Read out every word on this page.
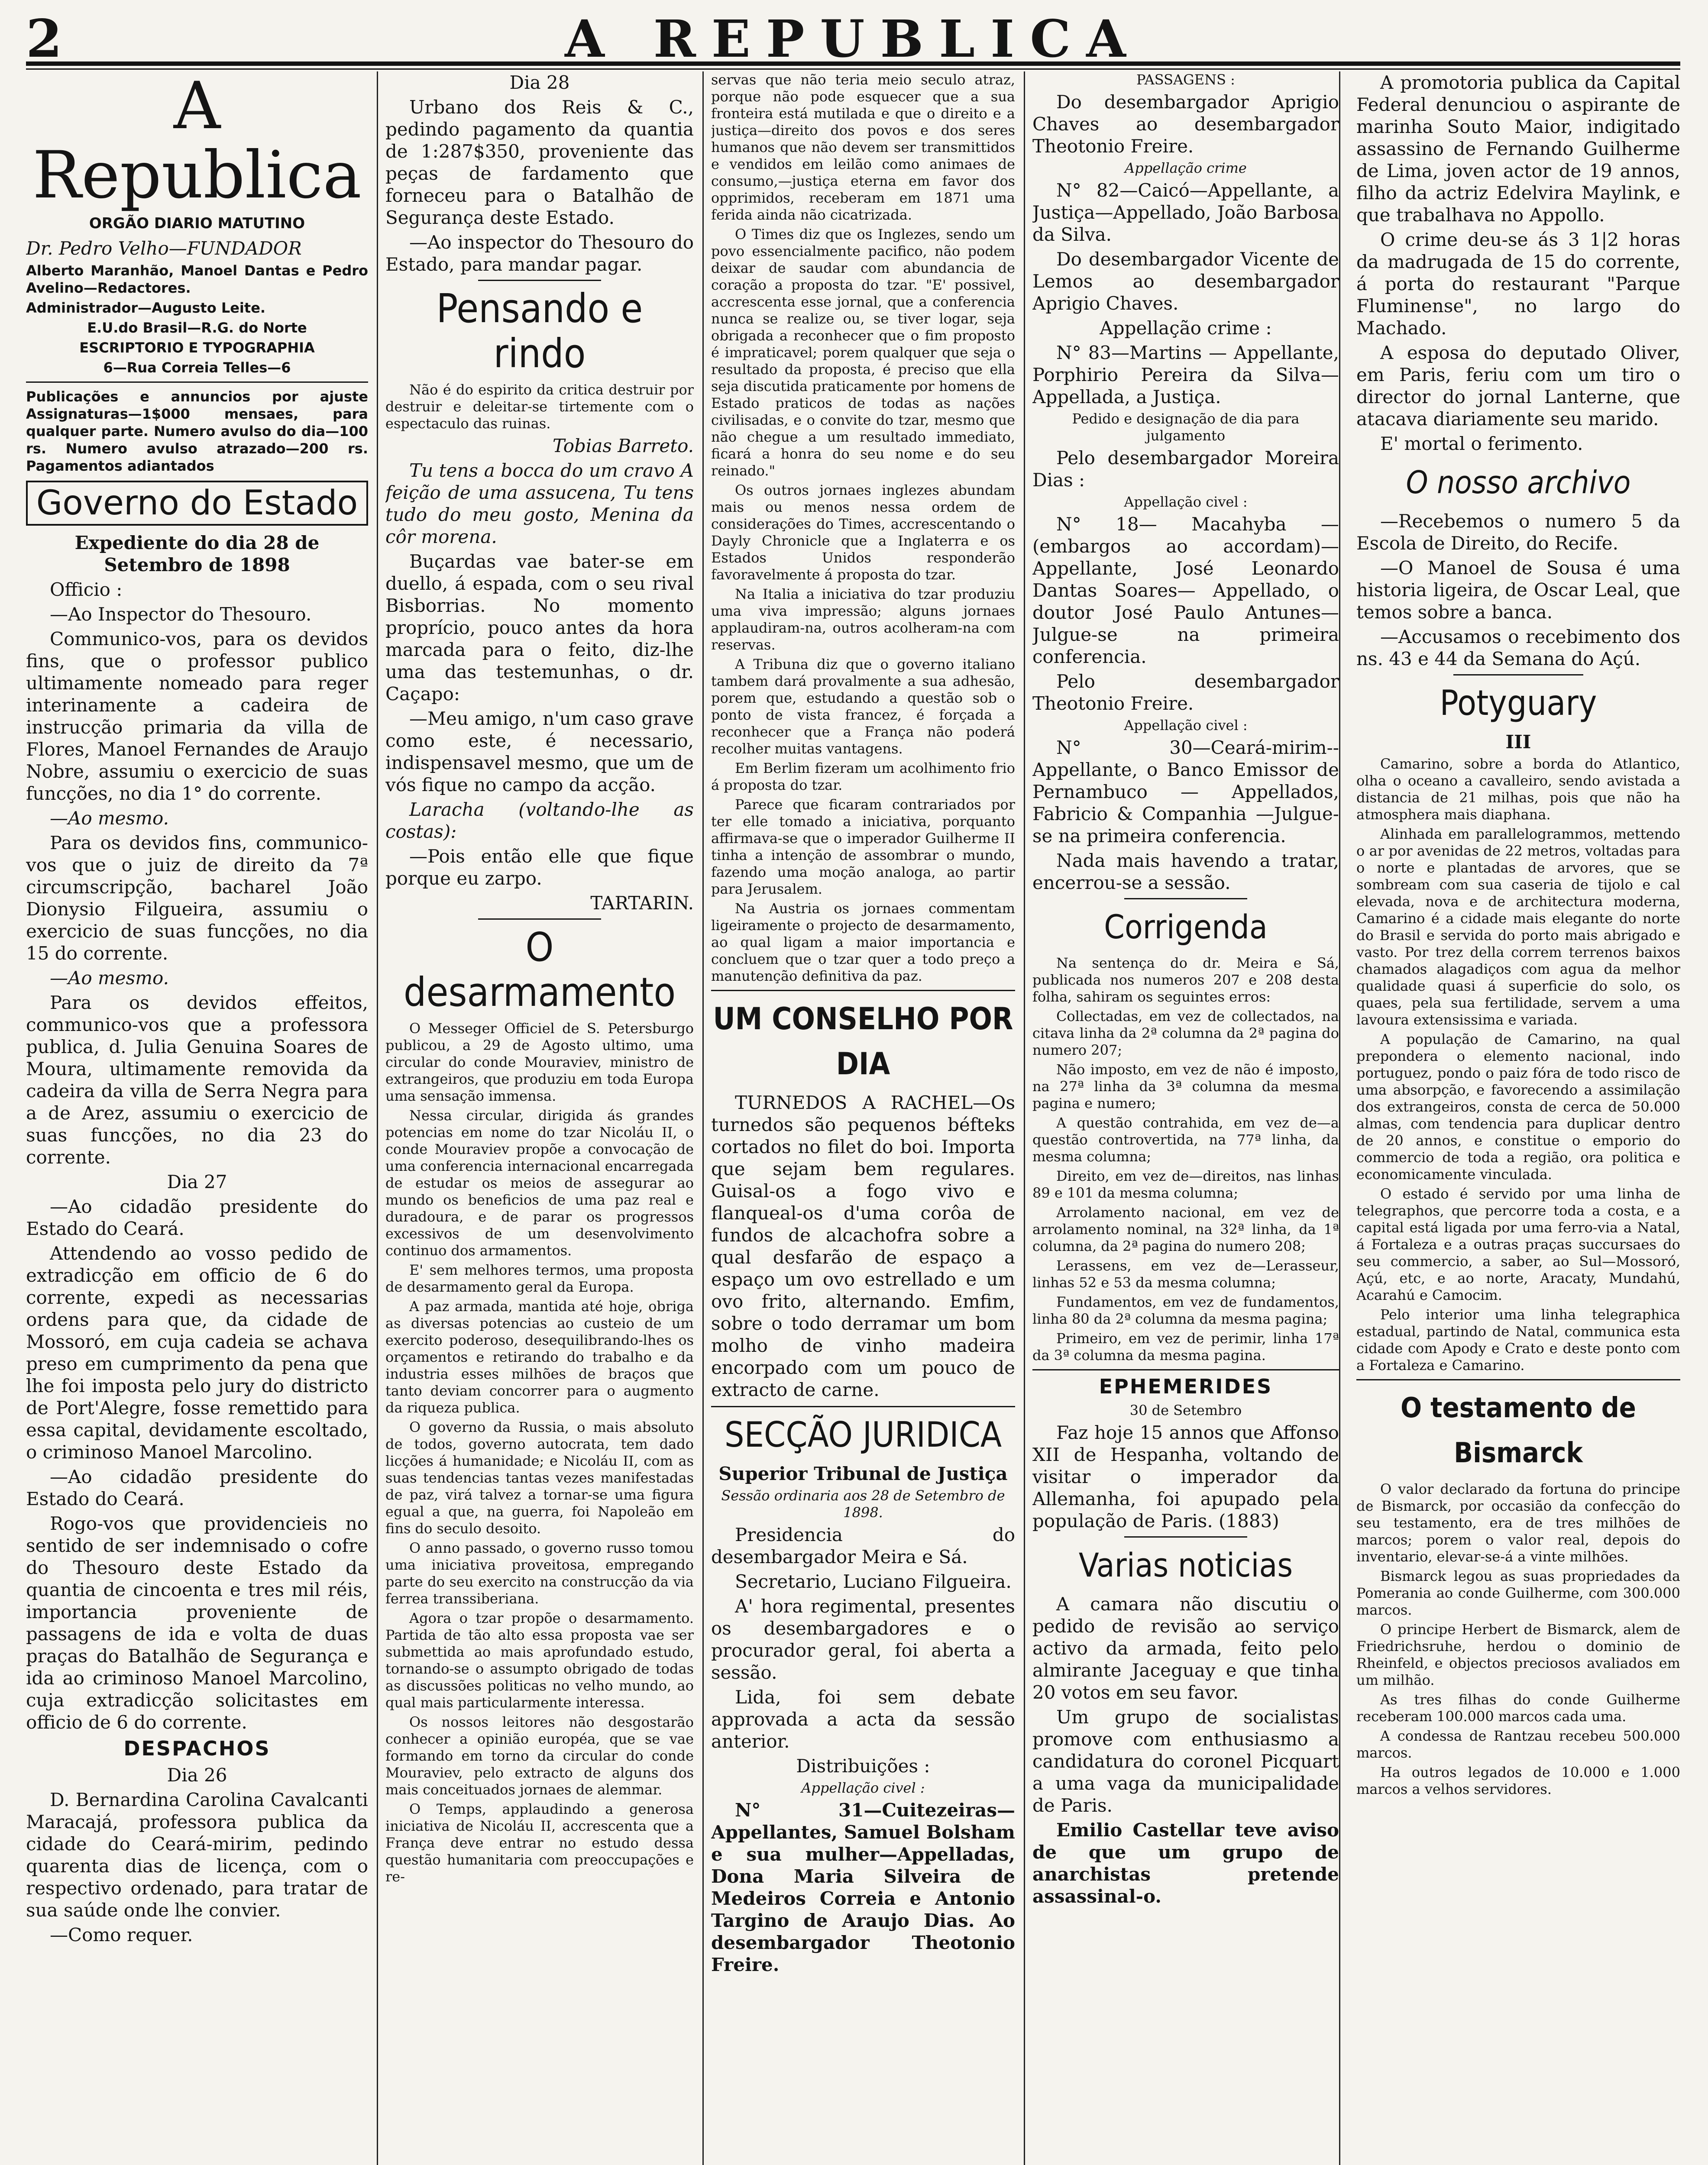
2	A REPUBLICA
A Republica
ORGÃO DIARIO MATUTINO

Dr. Pedro Velho—FUNDADOR

Alberto Maranhão, Manoel Dantas e Pedro Avelino—Redactores.

Administrador—Augusto Leite.

E.U.do Brasil—R.G. do Norte

ESCRIPTORIO E TYPOGRAPHIA

6—Rua Correia Telles—6

Publicações e annuncios por ajuste Assignaturas—1$000 mensaes, para qualquer parte. Numero avulso do dia—100 rs. Numero avulso atrazado—200 rs. Pagamentos adiantados

Governo do Estado

Expediente do dia 28 de Setembro de 1898

Officio :

—Ao Inspector do Thesouro.

Communico-vos, para os devidos fins, que o professor publico ultimamente nomeado para reger interinamente a cadeira de instrucção primaria da villa de Flores, Manoel Fernandes de Araujo Nobre, assumiu o exercicio de suas funcções, no dia 1° do corrente.

—Ao mesmo.

Para os devidos fins, communico-vos que o juiz de direito da 7ª circumscripção, bacharel João Dionysio Filgueira, assumiu o exercicio de suas funcções, no dia 15 do corrente.

—Ao mesmo.

Para os devidos effeitos, communico-vos que a professora publica, d. Julia Genuina Soares de Moura, ultimamente removida da cadeira da villa de Serra Negra para a de Arez, assumiu o exercicio de suas funcções, no dia 23 do corrente.

Dia 27

—Ao cidadão presidente do Estado do Ceará.

Attendendo ao vosso pedido de extradicção em officio de 6 do corrente, expedi as necessarias ordens para que, da cidade de Mossoró, em cuja cadeia se achava preso em cumprimento da pena que lhe foi imposta pelo jury do districto de Port'Alegre, fosse remettido para essa capital, devidamente escoltado, o criminoso Manoel Marcolino.

—Ao cidadão presidente do Estado do Ceará.

Rogo-vos que providencieis no sentido de ser indemnisado o cofre do Thesouro deste Estado da quantia de cincoenta e tres mil réis, importancia proveniente de passagens de ida e volta de duas praças do Batalhão de Segurança e ida ao criminoso Manoel Marcolino, cuja extradicção solicitastes em officio de 6 do corrente.

DESPACHOS

Dia 26

D. Bernardina Carolina Cavalcanti Maracajá, professora publica da cidade do Ceará-mirim, pedindo quarenta dias de licença, com o respectivo ordenado, para tratar de sua saúde onde lhe convier.

—Como requer.

Dia 28

Urbano dos Reis & C., pedindo pagamento da quantia de 1:287$350, proveniente das peças de fardamento que forneceu para o Batalhão de Segurança deste Estado.

—Ao inspector do Thesouro do Estado, para mandar pagar.

Pensando e rindo

Não é do espirito da critica destruir por destruir e deleitar-se tirtemente com o espectaculo das ruinas.

Tobias Barreto.

Tu tens a bocca do um cravo A feição de uma assucena, Tu tens tudo do meu gosto, Menina da côr morena.

Buçardas vae bater-se em duello, á espada, com o seu rival Bisborrias. No momento proprício, pouco antes da hora marcada para o feito, diz-lhe uma das testemunhas, o dr. Caçapo:

—Meu amigo, n'um caso grave como este, é necessario, indispensavel mesmo, que um de vós fique no campo da acção.

Laracha (voltando-lhe as costas):

—Pois então elle que fique porque eu zarpo.

TARTARIN.

O desarmamento

O Messeger Officiel de S. Petersburgo publicou, a 29 de Agosto ultimo, uma circular do conde Mouraviev, ministro de extrangeiros, que produziu em toda Europa uma sensação immensa.

Nessa circular, dirigida ás grandes potencias em nome do tzar Nicoláu II, o conde Mouraviev propõe a convocação de uma conferencia internacional encarregada de estudar os meios de assegurar ao mundo os beneficios de uma paz real e duradoura, e de parar os progressos excessivos de um desenvolvimento continuo dos armamentos.

E' sem melhores termos, uma proposta de desarmamento geral da Europa.

A paz armada, mantida até hoje, obriga as diversas potencias ao custeio de um exercito poderoso, desequilibrando-lhes os orçamentos e retirando do trabalho e da industria esses milhões de braços que tanto deviam concorrer para o augmento da riqueza publica.

O governo da Russia, o mais absoluto de todos, governo autocrata, tem dado licções á humanidade; e Nicoláu II, com as suas tendencias tantas vezes manifestadas de paz, virá talvez a tornar-se uma figura egual a que, na guerra, foi Napoleão em fins do seculo desoito.

O anno passado, o governo russo tomou uma iniciativa proveitosa, empregando parte do seu exercito na construcção da via ferrea transsiberiana.

Agora o tzar propõe o desarmamento. Partida de tão alto essa proposta vae ser submettida ao mais aprofundado estudo, tornando-se o assumpto obrigado de todas as discussões politicas no velho mundo, ao qual mais particularmente interessa.

Os nossos leitores não desgostarão conhecer a opinião européa, que se vae formando em torno da circular do conde Mouraviev, pelo extracto de alguns dos mais conceituados jornaes de alemmar.

O Temps, applaudindo a generosa iniciativa de Nicoláu II, accrescenta que a França deve entrar no estudo dessa questão humanitaria com preoccupações e re-

servas que não teria meio seculo atraz, porque não pode esquecer que a sua fronteira está mutilada e que o direito e a justiça—direito dos povos e dos seres humanos que não devem ser transmittidos e vendidos em leilão como animaes de consumo,—justiça eterna em favor dos opprimidos, receberam em 1871 uma ferida ainda não cicatrizada.

O Times diz que os Inglezes, sendo um povo essencialmente pacifico, não podem deixar de saudar com abundancia de coração a proposta do tzar. "E' possivel, accrescenta esse jornal, que a conferencia nunca se realize ou, se tiver logar, seja obrigada a reconhecer que o fim proposto é impraticavel; porem qualquer que seja o resultado da proposta, é preciso que ella seja discutida praticamente por homens de Estado praticos de todas as nações civilisadas, e o convite do tzar, mesmo que não chegue a um resultado immediato, ficará a honra do seu nome e do seu reinado."

Os outros jornaes inglezes abundam mais ou menos nessa ordem de considerações do Times, accrescentando o Dayly Chronicle que a Inglaterra e os Estados Unidos responderão favoravelmente á proposta do tzar.

Na Italia a iniciativa do tzar produziu uma viva impressão; alguns jornaes applaudiram-na, outros acolheram-na com reservas.

A Tribuna diz que o governo italiano tambem dará provalmente a sua adhesão, porem que, estudando a questão sob o ponto de vista francez, é forçada a reconhecer que a França não poderá recolher muitas vantagens.

Em Berlim fizeram um acolhimento frio á proposta do tzar.

Parece que ficaram contrariados por ter elle tomado a iniciativa, porquanto affirmava-se que o imperador Guilherme II tinha a intenção de assombrar o mundo, fazendo uma moção analoga, ao partir para Jerusalem.

Na Austria os jornaes commentam ligeiramente o projecto de desarmamento, ao qual ligam a maior importancia e concluem que o tzar quer a todo preço a manutenção definitiva da paz.

UM CONSELHO POR DIA

TURNEDOS A RACHEL—Os turnedos são pequenos béfteks cortados no filet do boi. Importa que sejam bem regulares. Guisal-os a fogo vivo e flanqueal-os d'uma corôa de fundos de alcachofra sobre a qual desfarão de espaço a espaço um ovo estrellado e um ovo frito, alternando. Emfim, sobre o todo derramar um bom molho de vinho madeira encorpado com um pouco de extracto de carne.

SECÇÃO JURIDICA

Superior Tribunal de Justiça

Sessão ordinaria aos 28 de Setembro de 1898.

Presidencia do desembargador Meira e Sá.

Secretario, Luciano Filgueira.

A' hora regimental, presentes os desembargadores e o procurador geral, foi aberta a sessão.

Lida, foi sem debate approvada a acta da sessão anterior.

Distribuições :

Appellação civel :

N° 31—Cuitezeiras—Appellantes, Samuel Bolsham e sua mulher—Appelladas, Dona Maria Silveira de Medeiros Correia e Antonio Targino de Araujo Dias. Ao desembargador Theotonio Freire.

PASSAGENS :

Do desembargador Aprigio Chaves ao desembargador Theotonio Freire.

Appellação crime

N° 82—Caicó—Appellante, a Justiça—Appellado, João Barbosa da Silva.

Do desembargador Vicente de Lemos ao desembargador Aprigio Chaves.

Appellação crime :

N° 83—Martins — Appellante, Porphirio Pereira da Silva— Appellada, a Justiça.

Pedido e designação de dia para julgamento

Pelo desembargador Moreira Dias :

Appellação civel :

N° 18— Macahyba —(embargos ao accordam)—Appellante, José Leonardo Dantas Soares— Appellado, o doutor José Paulo Antunes—Julgue-se na primeira conferencia.

Pelo desembargador Theotonio Freire.

Appellação civel :

N° 30—Ceará-mirim--Appellante, o Banco Emissor de Pernambuco — Appellados, Fabricio & Companhia —Julgue-se na primeira conferencia.

Nada mais havendo a tratar, encerrou-se a sessão.

Corrigenda

Na sentença do dr. Meira e Sá, publicada nos numeros 207 e 208 desta folha, sahiram os seguintes erros:

Collectadas, em vez de collectados, na citava linha da 2ª columna da 2ª pagina do numero 207;

Não imposto, em vez de não é imposto, na 27ª linha da 3ª columna da mesma pagina e numero;

A questão contrahida, em vez de—a questão controvertida, na 77ª linha, da mesma columna;

Direito, em vez de—direitos, nas linhas 89 e 101 da mesma columna;

Arrolamento nacional, em vez de arrolamento nominal, na 32ª linha, da 1ª columna, da 2ª pagina do numero 208;

Lerassens, em vez de—Lerasseur, linhas 52 e 53 da mesma columna;

Fundamentos, em vez de fundamentos, linha 80 da 2ª columna da mesma pagina;

Primeiro, em vez de perimir, linha 17ª da 3ª columna da mesma pagina.

EPHEMERIDES

30 de Setembro

Faz hoje 15 annos que Affonso XII de Hespanha, voltando de visitar o imperador da Allemanha, foi apupado pela população de Paris. (1883)

Varias noticias

A camara não discutiu o pedido de revisão ao serviço activo da armada, feito pelo almirante Jaceguay e que tinha 20 votos em seu favor.

Um grupo de socialistas promove com enthusiasmo a candidatura do coronel Picquart a uma vaga da municipalidade de Paris.

Emilio Castellar teve aviso de que um grupo de anarchistas pretende assassinal-o.

A promotoria publica da Capital Federal denunciou o aspirante de marinha Souto Maior, indigitado assassino de Fernando Guilherme de Lima, joven actor de 19 annos, filho da actriz Edelvira Maylink, e que trabalhava no Appollo.

O crime deu-se ás 3 1|2 horas da madrugada de 15 do corrente, á porta do restaurant "Parque Fluminense", no largo do Machado.

A esposa do deputado Oliver, em Paris, feriu com um tiro o director do jornal Lanterne, que atacava diariamente seu marido.

E' mortal o ferimento.

O nosso archivo

—Recebemos o numero 5 da Escola de Direito, do Recife.

—O Manoel de Sousa é uma historia ligeira, de Oscar Leal, que temos sobre a banca.

—Accusamos o recebimento dos ns. 43 e 44 da Semana do Açú.

Potyguary

III

Camarino, sobre a borda do Atlantico, olha o oceano a cavalleiro, sendo avistada a distancia de 21 milhas, pois que não ha atmosphera mais diaphana.

Alinhada em parallelogrammos, mettendo o ar por avenidas de 22 metros, voltadas para o norte e plantadas de arvores, que se sombream com sua caseria de tijolo e cal elevada, nova e de architectura moderna, Camarino é a cidade mais elegante do norte do Brasil e servida do porto mais abrigado e vasto. Por trez della correm terrenos baixos chamados alagadiços com agua da melhor qualidade quasi á superficie do solo, os quaes, pela sua fertilidade, servem a uma lavoura extensissima e variada.

A população de Camarino, na qual prepondera o elemento nacional, indo portuguez, pondo o paiz fóra de todo risco de uma absorpção, e favorecendo a assimilação dos extrangeiros, consta de cerca de 50.000 almas, com tendencia para duplicar dentro de 20 annos, e constitue o emporio do commercio de toda a região, ora politica e economicamente vinculada.

O estado é servido por uma linha de telegraphos, que percorre toda a costa, e a capital está ligada por uma ferro-via a Natal, á Fortaleza e a outras praças succursaes do seu commercio, a saber, ao Sul—Mossoró, Açú, etc, e ao norte, Aracaty, Mundahú, Acarahú e Camocim.

Pelo interior uma linha telegraphica estadual, partindo de Natal, communica esta cidade com Apody e Crato e deste ponto com a Fortaleza e Camarino.

O testamento de Bismarck

O valor declarado da fortuna do principe de Bismarck, por occasião da confecção do seu testamento, era de tres milhões de marcos; porem o valor real, depois do inventario, elevar-se-á a vinte milhões.

Bismarck legou as suas propriedades da Pomerania ao conde Guilherme, com 300.000 marcos.

O principe Herbert de Bismarck, alem de Friedrichsruhe, herdou o dominio de Rheinfeld, e objectos preciosos avaliados em um milhão.

As tres filhas do conde Guilherme receberam 100.000 marcos cada uma.

A condessa de Rantzau recebeu 500.000 marcos.

Ha outros legados de 10.000 e 1.000 marcos a velhos servidores.
